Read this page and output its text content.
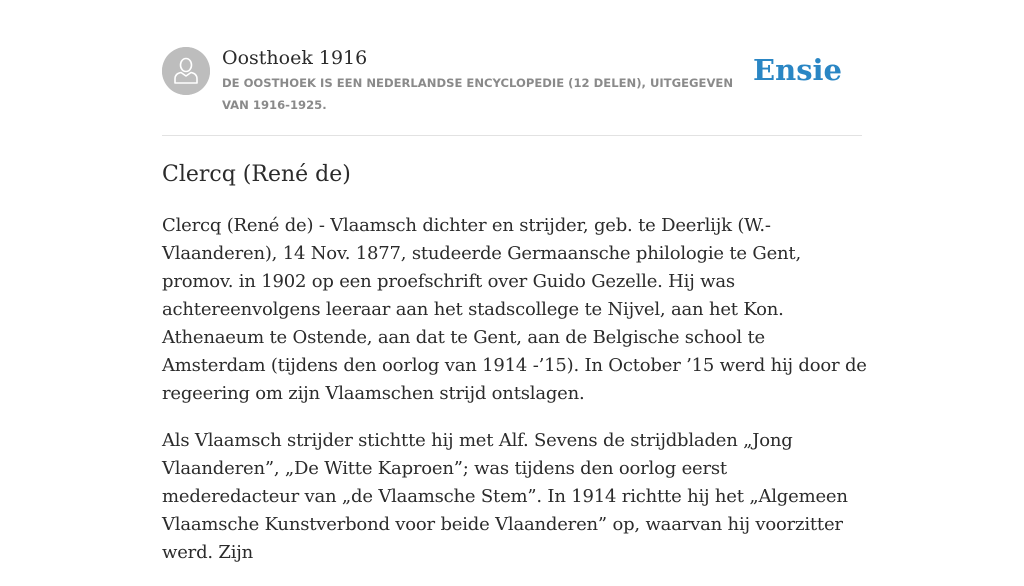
Oosthoek 1916
DE OOSTHOEK IS EEN NEDERLANDSE ENCYCLOPEDIE (12 DELEN), UITGEGEVEN VAN 1916-1925.
Ensie
Clercq (René de)

Clercq (René de) - Vlaamsch dichter en strijder, geb. te Deerlijk (W.-Vlaanderen), 14 Nov. 1877, studeerde Germaansche philologie te Gent, promov. in 1902 op een proefschrift over Guido Gezelle. Hij was achtereenvolgens leeraar aan het stadscollege te Nijvel, aan het Kon. Athenaeum te Ostende, aan dat te Gent, aan de Belgische school te Amsterdam (tijdens den oorlog van 1914 -’15). In October ’15 werd hij door de regeering om zijn Vlaamschen strijd ontslagen.

Als Vlaamsch strijder stichtte hij met Alf. Sevens de strijdbladen „Jong Vlaanderen”, „De Witte Kaproen”; was tijdens den oorlog eerst mederedacteur van „de Vlaamsche Stem”. In 1914 richtte hij het „Algemeen Vlaamsche Kunstverbond voor beide Vlaanderen” op, waarvan hij voorzitter werd. Zijn
